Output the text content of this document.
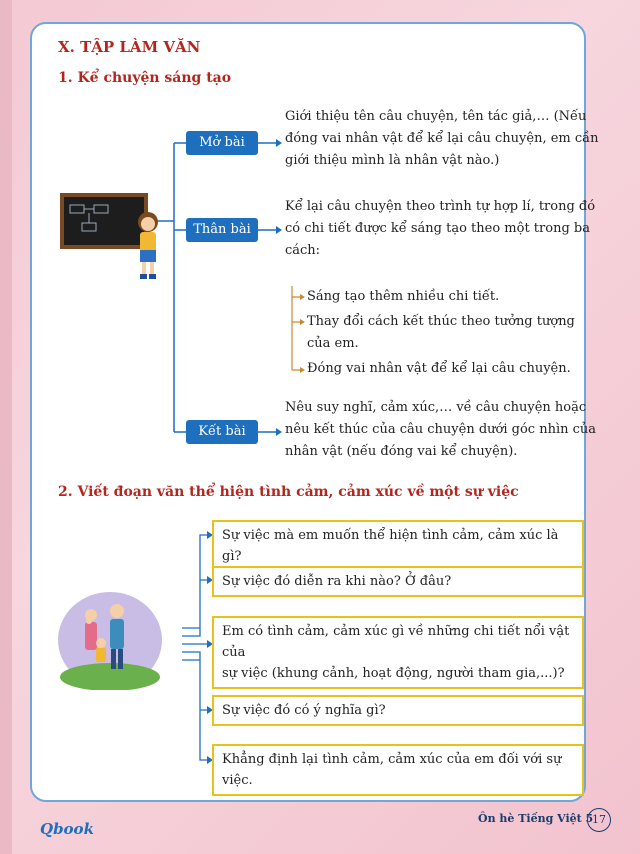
X. TẬP LÀM VĂN
1. Kể chuyện sáng tạo
Mở bài
Giới thiệu tên câu chuyện, tên tác giả,… (Nếu
đóng vai nhân vật để kể lại câu chuyện, em cần
giới thiệu mình là nhân vật nào.)
Thân bài
Kể lại câu chuyện theo trình tự hợp lí, trong đó
có chi tiết được kể sáng tạo theo một trong ba
cách:
Sáng tạo thêm nhiều chi tiết.
Thay đổi cách kết thúc theo tưởng tượng
của em.
Đóng vai nhân vật để kể lại câu chuyện.
Kết bài
Nêu suy nghĩ, cảm xúc,… về câu chuyện hoặc
nêu kết thúc của câu chuyện dưới góc nhìn của
nhân vật (nếu đóng vai kể chuyện).
2. Viết đoạn văn thể hiện tình cảm, cảm xúc về một sự việc
Sự việc mà em muốn thể hiện tình cảm, cảm xúc là gì?
Sự việc đó diễn ra khi nào? Ở đâu?
Em có tình cảm, cảm xúc gì về những chi tiết nổi vật của
sự việc (khung cảnh, hoạt động, người tham gia,...)?
Sự việc đó có ý nghĩa gì?
Khẳng định lại tình cảm, cảm xúc của em đối với sự việc.
Qbook
Ôn hè Tiếng Việt 5
17
